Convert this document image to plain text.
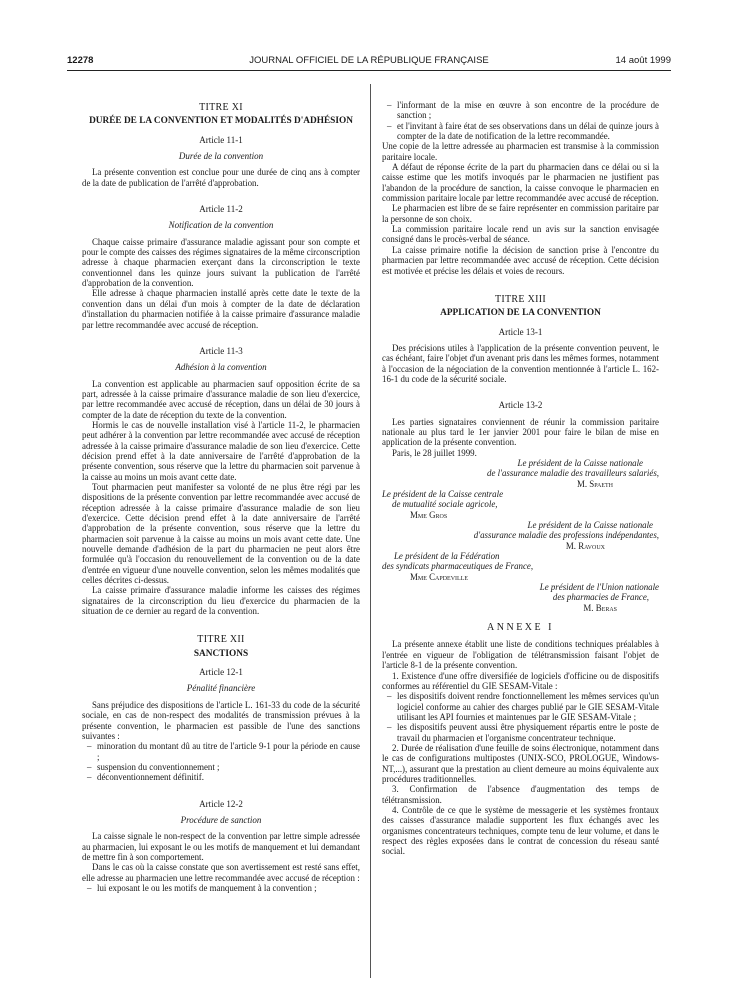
12278	JOURNAL OFFICIEL DE LA RÉPUBLIQUE FRANÇAISE	14 août 1999
TITRE XI
DURÉE DE LA CONVENTION ET MODALITÉS D'ADHÉSION
Article 11-1
Durée de la convention

La présente convention est conclue pour une durée de cinq ans à compter de la date de publication de l'arrêté d'approbation.

Article 11-2
Notification de la convention

Chaque caisse primaire d'assurance maladie agissant pour son compte et pour le compte des caisses des régimes signataires de la même circonscription adresse à chaque pharmacien exerçant dans la circonscription le texte conventionnel dans les quinze jours suivant la publication de l'arrêté d'approbation de la convention.

Elle adresse à chaque pharmacien installé après cette date le texte de la convention dans un délai d'un mois à compter de la date de déclaration d'installation du pharmacien notifiée à la caisse primaire d'assurance maladie par lettre recommandée avec accusé de réception.

Article 11-3
Adhésion à la convention

La convention est applicable au pharmacien sauf opposition écrite de sa part, adressée à la caisse primaire d'assurance maladie de son lieu d'exercice, par lettre recommandée avec accusé de réception, dans un délai de 30 jours à compter de la date de réception du texte de la convention.

Hormis le cas de nouvelle installation visé à l'article 11-2, le pharmacien peut adhérer à la convention par lettre recommandée avec accusé de réception adressée à la caisse primaire d'assurance maladie de son lieu d'exercice. Cette décision prend effet à la date anniversaire de l'arrêté d'approbation de la présente convention, sous réserve que la lettre du pharmacien soit parvenue à la caisse au moins un mois avant cette date.

Tout pharmacien peut manifester sa volonté de ne plus être régi par les dispositions de la présente convention par lettre recommandée avec accusé de réception adressée à la caisse primaire d'assurance maladie de son lieu d'exercice. Cette décision prend effet à la date anniversaire de l'arrêté d'approbation de la présente convention, sous réserve que la lettre du pharmacien soit parvenue à la caisse au moins un mois avant cette date. Une nouvelle demande d'adhésion de la part du pharmacien ne peut alors être formulée qu'à l'occasion du renouvellement de la convention ou de la date d'entrée en vigueur d'une nouvelle convention, selon les mêmes modalités que celles décrites ci-dessus.

La caisse primaire d'assurance maladie informe les caisses des régimes signataires de la circonscription du lieu d'exercice du pharmacien de la situation de ce dernier au regard de la convention.

TITRE XII
SANCTIONS
Article 12-1
Pénalité financière

Sans préjudice des dispositions de l'article L. 161-33 du code de la sécurité sociale, en cas de non-respect des modalités de transmission prévues à la présente convention, le pharmacien est passible de l'une des sanctions suivantes :

– minoration du montant dû au titre de l'article 9-1 pour la période en cause ;
– suspension du conventionnement ;
– déconventionnement définitif.
Article 12-2
Procédure de sanction

La caisse signale le non-respect de la convention par lettre simple adressée au pharmacien, lui exposant le ou les motifs de manquement et lui demandant de mettre fin à son comportement.

Dans le cas où la caisse constate que son avertissement est resté sans effet, elle adresse au pharmacien une lettre recommandée avec accusé de réception :

– lui exposant le ou les motifs de manquement à la convention ;
– l'informant de la mise en œuvre à son encontre de la procédure de sanction ;
– et l'invitant à faire état de ses observations dans un délai de quinze jours à compter de la date de notification de la lettre recommandée.

Une copie de la lettre adressée au pharmacien est transmise à la commission paritaire locale.

A défaut de réponse écrite de la part du pharmacien dans ce délai ou si la caisse estime que les motifs invoqués par le pharmacien ne justifient pas l'abandon de la procédure de sanction, la caisse convoque le pharmacien en commission paritaire locale par lettre recommandée avec accusé de réception.

Le pharmacien est libre de se faire représenter en commission paritaire par la personne de son choix.

La commission paritaire locale rend un avis sur la sanction envisagée consigné dans le procès-verbal de séance.

La caisse primaire notifie la décision de sanction prise à l'encontre du pharmacien par lettre recommandée avec accusé de réception. Cette décision est motivée et précise les délais et voies de recours.

TITRE XIII
APPLICATION DE LA CONVENTION
Article 13-1

Des précisions utiles à l'application de la présente convention peuvent, le cas échéant, faire l'objet d'un avenant pris dans les mêmes formes, notamment à l'occasion de la négociation de la convention mentionnée à l'article L. 162-16-1 du code de la sécurité sociale.

Article 13-2

Les parties signataires conviennent de réunir la commission paritaire nationale au plus tard le 1er janvier 2001 pour faire le bilan de mise en application de la présente convention.

Paris, le 28 juillet 1999.

Le président de la Caisse nationale
de l'assurance maladie des travailleurs salariés,
M. Spaeth
Le président de la Caisse centrale
de mutualité sociale agricole,
Mme Gros
Le président de la Caisse nationale
d'assurance maladie des professions indépendantes,
M. Ravoux
Le président de la Fédération
des syndicats pharmaceutiques de France,
Mme Capdeville
Le président de l'Union nationale
des pharmacies de France,
M. Beras
ANNEXE I

La présente annexe établit une liste de conditions techniques préalables à l'entrée en vigueur de l'obligation de télétransmission faisant l'objet de l'article 8-1 de la présente convention.

1. Existence d'une offre diversifiée de logiciels d'officine ou de dispositifs conformes au référentiel du GIE SESAM-Vitale :

– les dispositifs doivent rendre fonctionnellement les mêmes services qu'un logiciel conforme au cahier des charges publié par le GIE SESAM-Vitale utilisant les API fournies et maintenues par le GIE SESAM-Vitale ;
– les dispositifs peuvent aussi être physiquement répartis entre le poste de travail du pharmacien et l'organisme concentrateur technique.

2. Durée de réalisation d'une feuille de soins électronique, notamment dans le cas de configurations multipostes (UNIX-SCO, PROLOGUE, Windows-NT,...), assurant que la prestation au client demeure au moins équivalente aux procédures traditionnelles.

3. Confirmation de l'absence d'augmentation des temps de télétransmission.

4. Contrôle de ce que le système de messagerie et les systèmes frontaux des caisses d'assurance maladie supportent les flux échangés avec les organismes concentrateurs techniques, compte tenu de leur volume, et dans le respect des règles exposées dans le contrat de concession du réseau santé social.
